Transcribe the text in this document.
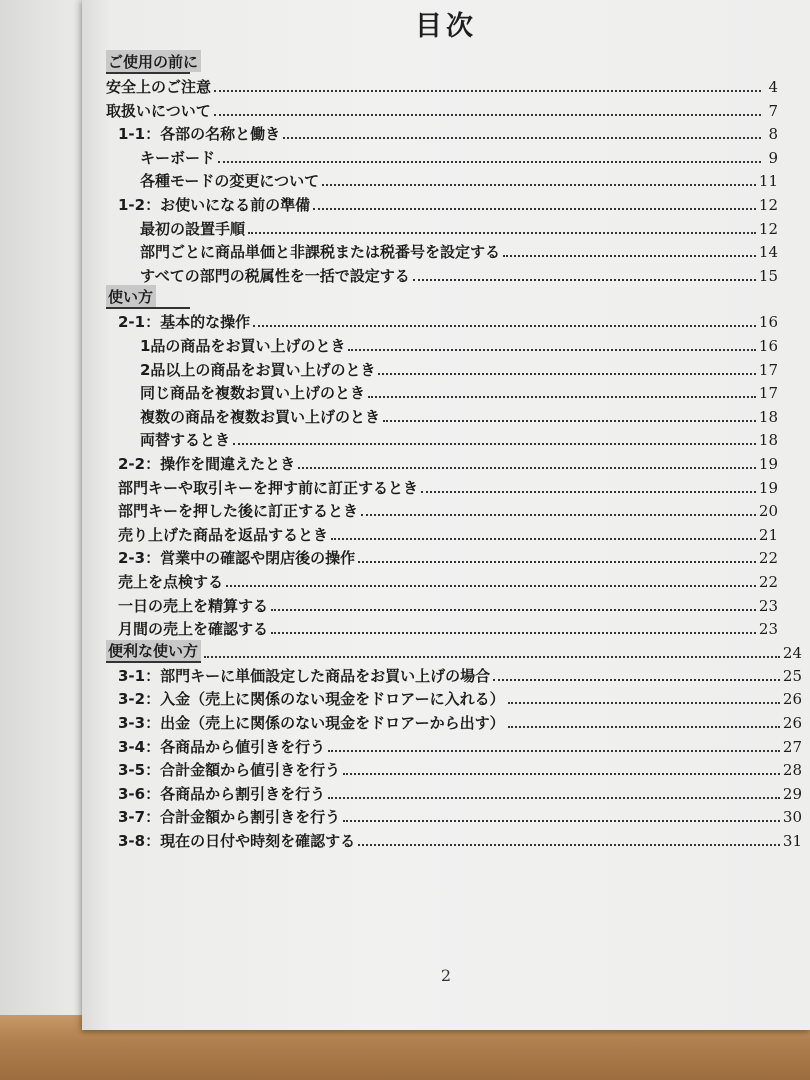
目次
ご使用の前に
安全上のご注意	4
取扱いについて	7
1-1：各部の名称と働き	8
キーボード	9
各種モードの変更について	11
1-2：お使いになる前の準備	12
最初の設置手順	12
部門ごとに商品単価と非課税または税番号を設定する	14
すべての部門の税属性を一括で設定する	15
使い方
2-1：基本的な操作	16
1品の商品をお買い上げのとき	16
2品以上の商品をお買い上げのとき	17
同じ商品を複数お買い上げのとき	17
複数の商品を複数お買い上げのとき	18
両替するとき	18
2-2：操作を間違えたとき	19
部門キーや取引キーを押す前に訂正するとき	19
部門キーを押した後に訂正するとき	20
売り上げた商品を返品するとき	21
2-3：営業中の確認や閉店後の操作	22
売上を点検する	22
一日の売上を精算する	23
月間の売上を確認する	23
便利な使い方	24
3-1：部門キーに単価設定した商品をお買い上げの場合	25
3-2：入金（売上に関係のない現金をドロアーに入れる）	26
3-3：出金（売上に関係のない現金をドロアーから出す）	26
3-4：各商品から値引きを行う	27
3-5：合計金額から値引きを行う	28
3-6：各商品から割引きを行う	29
3-7：合計金額から割引きを行う	30
3-8：現在の日付や時刻を確認する	31
2
